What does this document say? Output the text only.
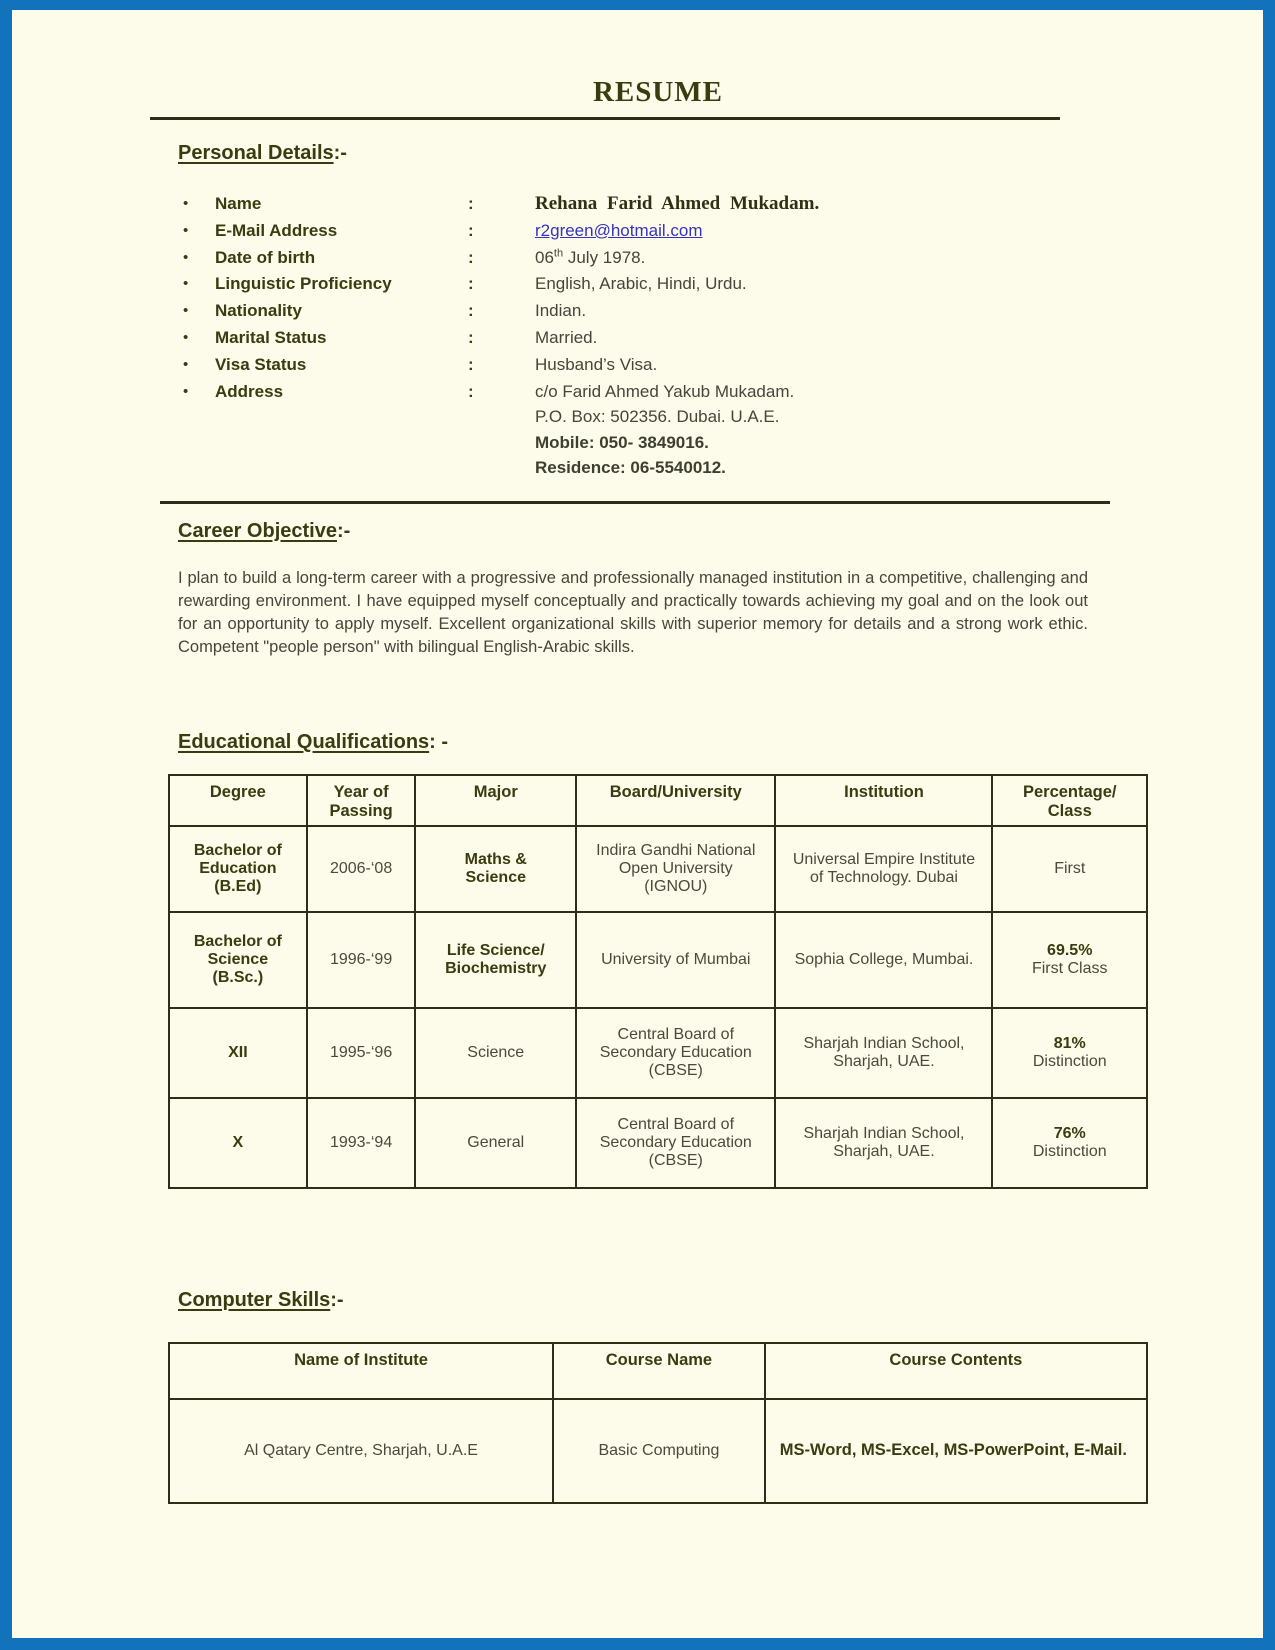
RESUME
Personal Details:-
•	Name	:	Rehana Farid Ahmed Mukadam.
•	E-Mail Address	:	r2green@hotmail.com
•	Date of birth	:	06th July 1978.
•	Linguistic Proficiency	:	English, Arabic, Hindi, Urdu.
•	Nationality	:	Indian.
•	Marital Status	:	Married.
•	Visa Status	:	Husband’s Visa.
•	Address	:	c/o Farid Ahmed Yakub Mukadam.
P.O. Box: 502356. Dubai. U.A.E.
Mobile: 050- 3849016.
Residence: 06-5540012.
Career Objective:-
I plan to build a long-term career with a progressive and professionally managed institution in a competitive, challenging and rewarding environment. I have equipped myself conceptually and practically towards achieving my goal and on the look out for an opportunity to apply myself. Excellent organizational skills with superior memory for details and a strong work ethic. Competent "people person" with bilingual English-Arabic skills.
Educational Qualifications: -
Degree	Year of Passing	Major	Board/University	Institution	Percentage/ Class
Bachelor of Education (B.Ed)	2006-‘08	Maths & Science	Indira Gandhi National Open University (IGNOU)	Universal Empire Institute of Technology. Dubai	First

Bachelor of Science (B.Sc.)	1996-‘99	Life Science/ Biochemistry	University of Mumbai	Sophia College, Mumbai.	69.5%
First Class

XII	1995-‘96	Science	Central Board of Secondary Education (CBSE)	Sharjah Indian School, Sharjah, UAE.	81%
Distinction

X	1993-‘94	General	Central Board of Secondary Education (CBSE)	Sharjah Indian School, Sharjah, UAE.	76%
Distinction
Computer Skills:-
Name of Institute	Course Name	Course Contents
Al Qatary Centre, Sharjah, U.A.E	Basic Computing	MS-Word, MS-Excel, MS-PowerPoint, E-Mail.
